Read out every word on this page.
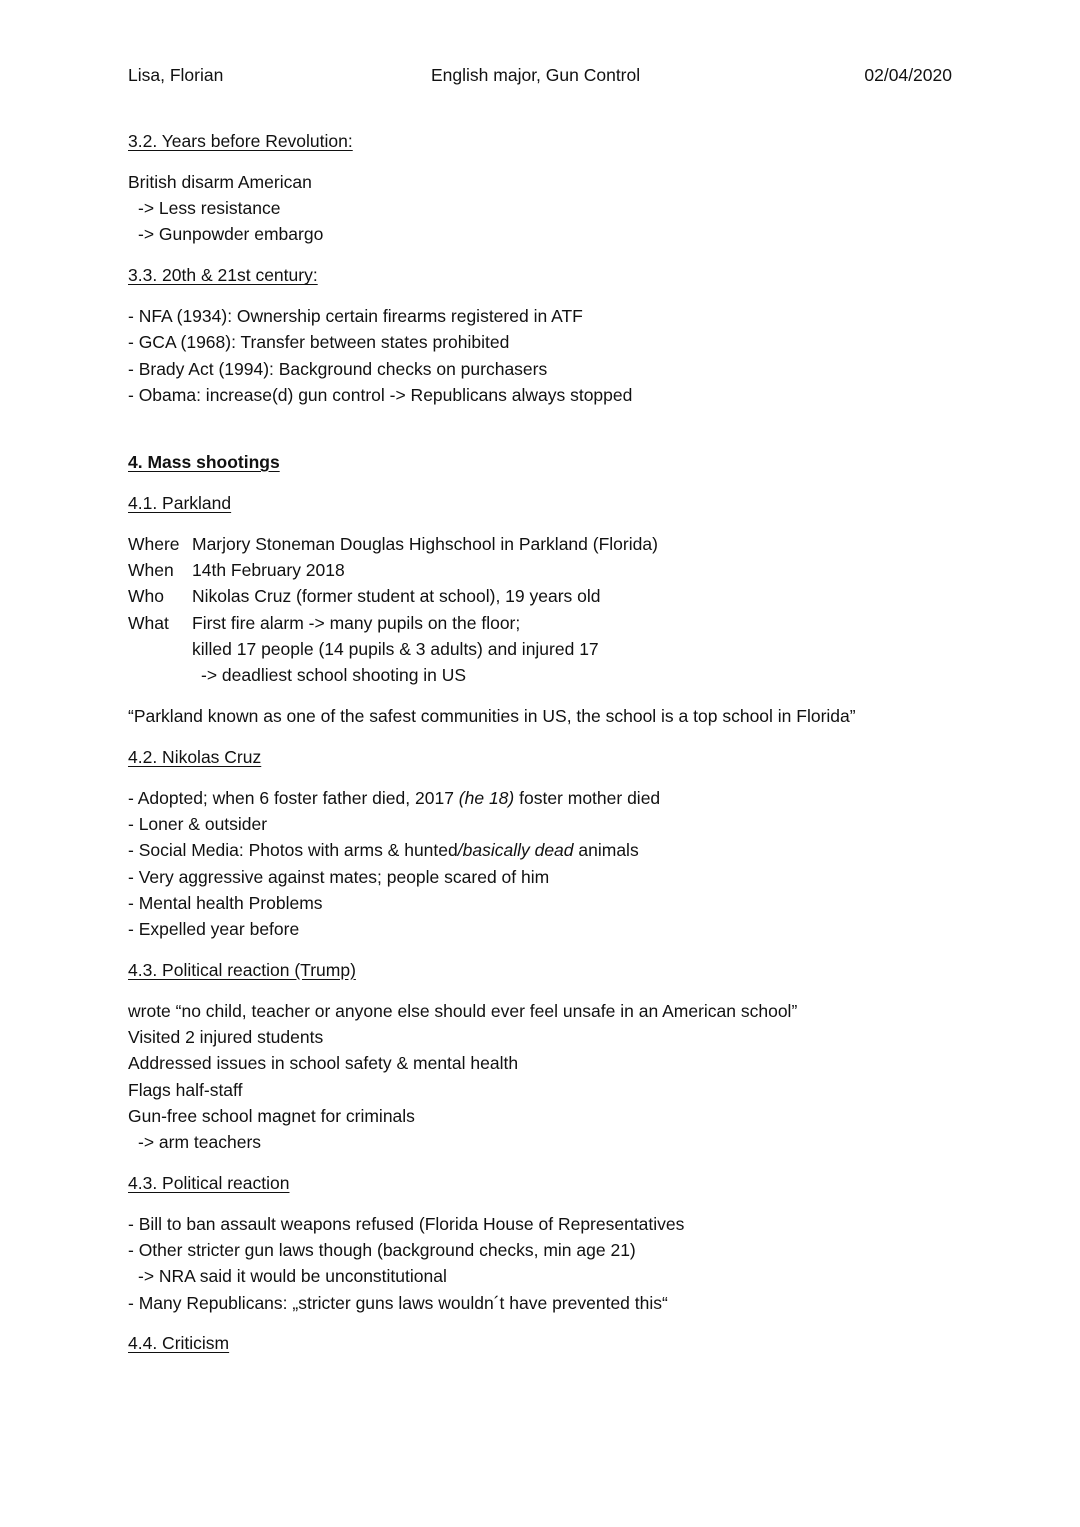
Lisa, Florian	English major, Gun Control	02/04/2020
3.2. Years before Revolution:
British disarm American
-> Less resistance
-> Gunpowder embargo
3.3. 20th & 21st century:
- NFA (1934): Ownership certain firearms registered in ATF
- GCA (1968): Transfer between states prohibited
- Brady Act (1994): Background checks on purchasers
- Obama: increase(d) gun control -> Republicans always stopped
4. Mass shootings
4.1. Parkland
Where Marjory Stoneman Douglas Highschool in Parkland (Florida)
When	14th February 2018
Who	Nikolas Cruz (former student at school), 19 years old
What	First fire alarm -> many pupils on the floor;
killed 17 people (14 pupils & 3 adults) and injured 17
-> deadliest school shooting in US
“Parkland known as one of the safest communities in US, the school is a top school in Florida”
4.2. Nikolas Cruz
- Adopted; when 6 foster father died, 2017 (he 18) foster mother died
- Loner & outsider
- Social Media: Photos with arms & hunted/basically dead animals
- Very aggressive against mates; people scared of him
- Mental health Problems
- Expelled year before
4.3. Political reaction (Trump)
wrote “no child, teacher or anyone else should ever feel unsafe in an American school”
Visited 2 injured students
Addressed issues in school safety & mental health
Flags half-staff
Gun-free school magnet for criminals
-> arm teachers
4.3. Political reaction
- Bill to ban assault weapons refused (Florida House of Representatives
- Other stricter gun laws though (background checks, min age 21)
-> NRA said it would be unconstitutional
- Many Republicans: „stricter guns laws wouldn´t have prevented this“
4.4. Criticism
